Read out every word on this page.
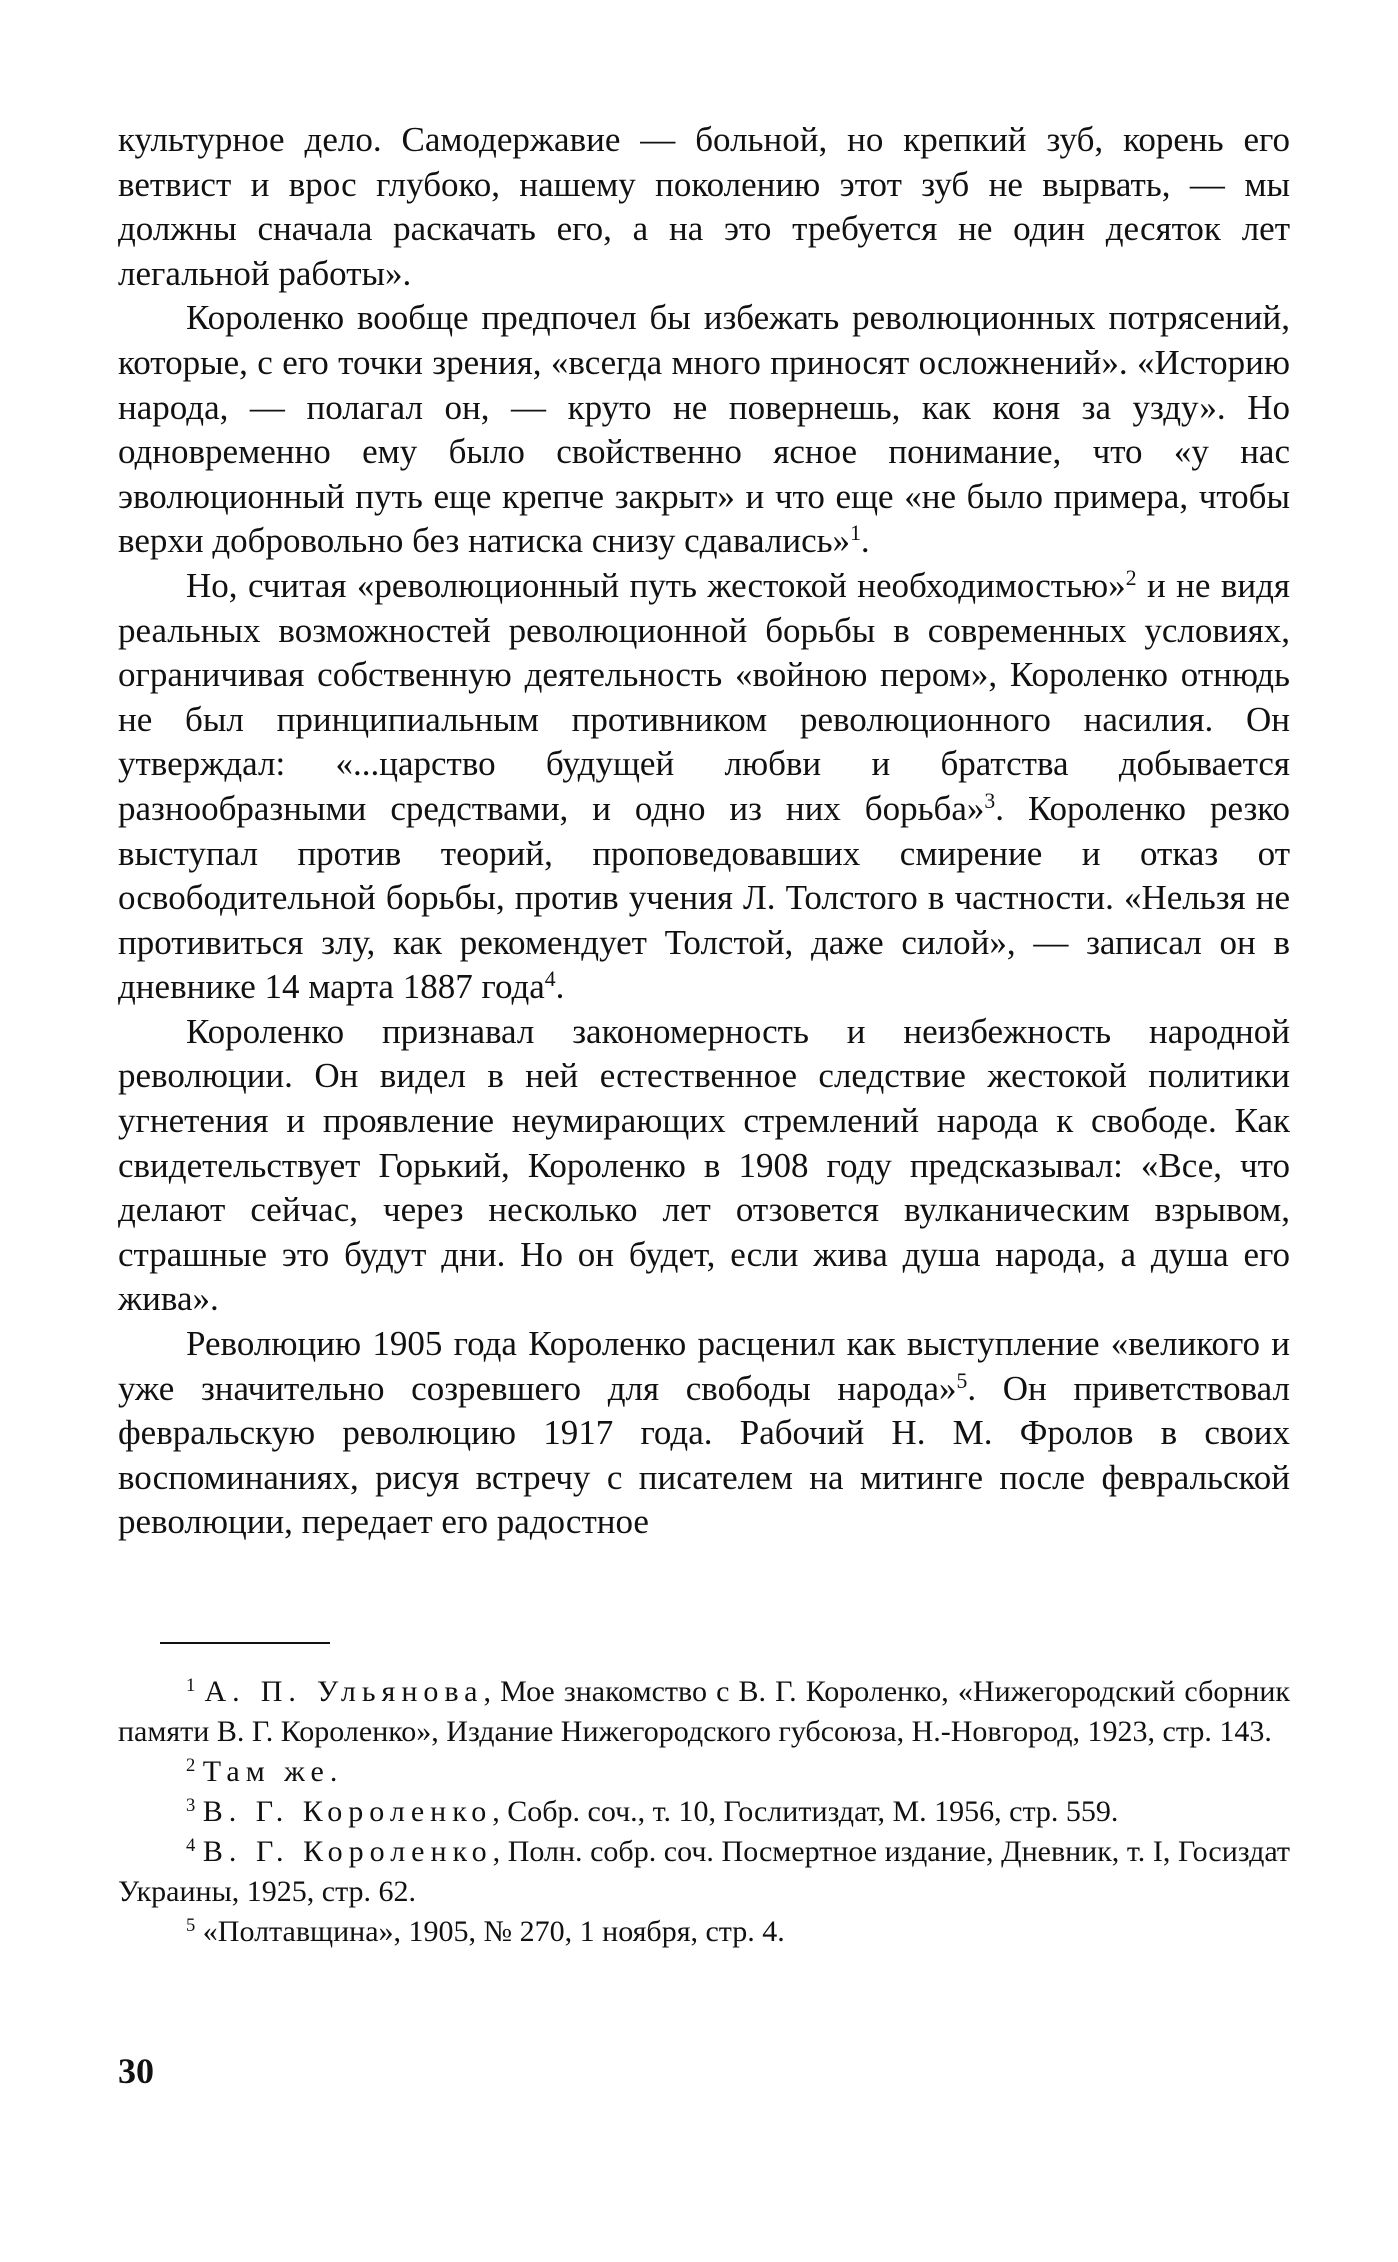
культурное дело. Самодержавие — больной, но крепкий зуб, корень его ветвист и врос глубоко, нашему поколению этот зуб не вырвать, — мы должны сначала раскачать его, а на это требуется не один десяток лет легальной работы».

Короленко вообще предпочел бы избежать революционных потрясений, которые, с его точки зрения, «всегда много приносят осложнений». «Историю народа, — полагал он, — круто не повернешь, как коня за узду». Но одновременно ему было свойственно ясное понимание, что «у нас эволюционный путь еще крепче закрыт» и что еще «не было примера, чтобы верхи добровольно без натиска снизу сдавались»$^1$.

Но, считая «революционный путь жестокой необходимостью»$^2$ и не видя реальных возможностей революционной борьбы в современных условиях, ограничивая собственную деятельность «войною пером», Короленко отнюдь не был принципиальным противником революционного насилия. Он утверждал: «...царство будущей любви и братства добывается разнообразными средствами, и одно из них борьба»$^3$. Короленко резко выступал против теорий, проповедовавших смирение и отказ от освободительной борьбы, против учения Л. Толстого в частности. «Нельзя не противиться злу, как рекомендует Толстой, даже силой», — записал он в дневнике 14 марта 1887 года$^4$.

Короленко признавал закономерность и неизбежность народной революции. Он видел в ней естественное следствие жестокой политики угнетения и проявление неумирающих стремлений народа к свободе. Как свидетельствует Горький, Короленко в 1908 году предсказывал: «Все, что делают сейчас, через несколько лет отзовется вулканическим взрывом, страшные это будут дни. Но он будет, если жива душа народа, а душа его жива».

Революцию 1905 года Короленко расценил как выступление «великого и уже значительно созревшего для свободы народа»$^5$. Он приветствовал февральскую революцию 1917 года. Рабочий Н. М. Фролов в своих воспоминаниях, рисуя встречу с писателем на митинге после февральской революции, передает его радостное

$^1$ А. П. Ульянова, Мое знакомство с В. Г. Короленко, «Нижегородский сборник памяти В. Г. Короленко», Издание Нижегородского губсоюза, Н.-Новгород, 1923, стр. 143.

$^2$ Там же.

$^3$ В. Г. Короленко, Собр. соч., т. 10, Гослитиздат, М. 1956, стр. 559.

$^4$ В. Г. Короленко, Полн. собр. соч. Посмертное издание, Дневник, т. I, Госиздат Украины, 1925, стр. 62.

$^5$ «Полтавщина», 1905, № 270, 1 ноября, стр. 4.

30
